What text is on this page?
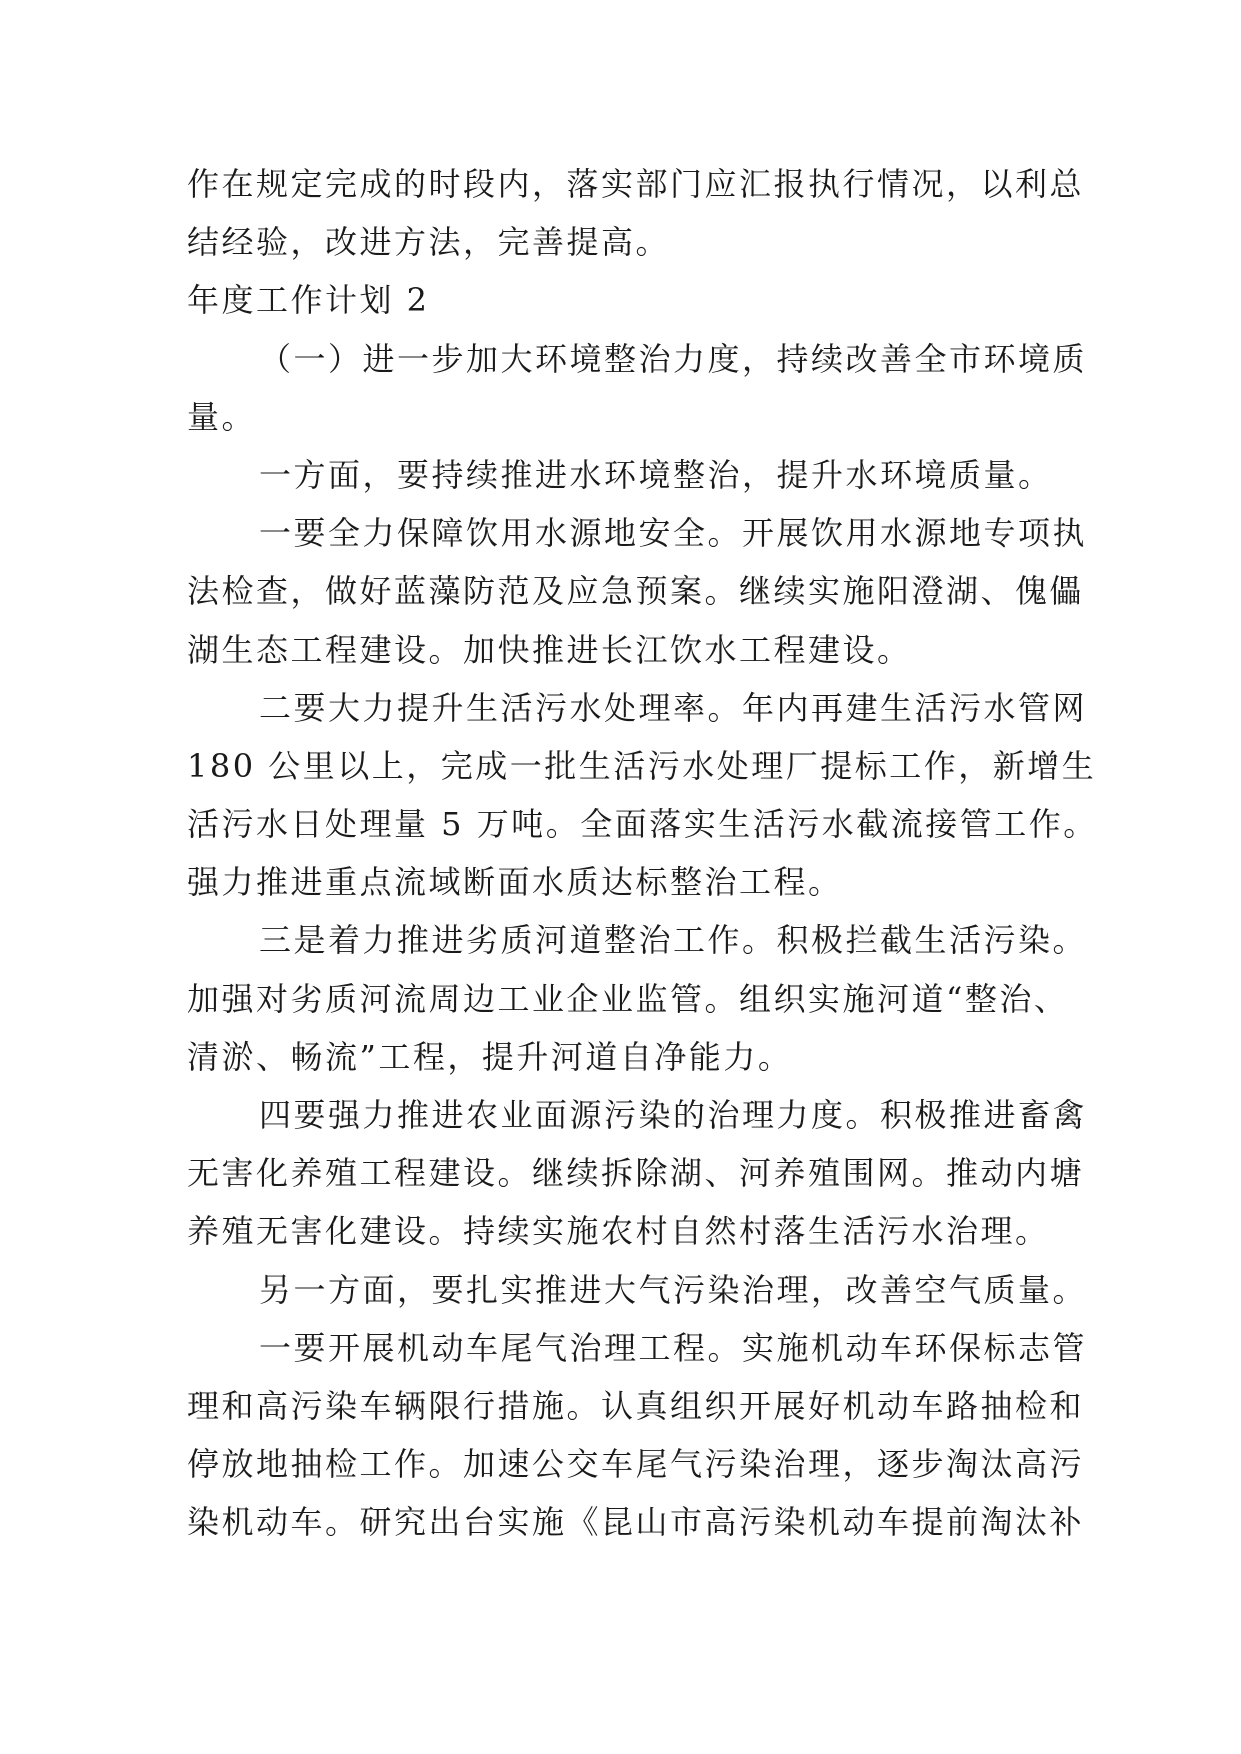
作在规定完成的时段内，落实部门应汇报执行情况，以利总
结经验，改进方法，完善提高。
年度工作计划 2
（一）进一步加大环境整治力度，持续改善全市环境质
量。
一方面，要持续推进水环境整治，提升水环境质量。
一要全力保障饮用水源地安全。开展饮用水源地专项执
法检查，做好蓝藻防范及应急预案。继续实施阳澄湖、傀儡
湖生态工程建设。加快推进长江饮水工程建设。
二要大力提升生活污水处理率。年内再建生活污水管网
180 公里以上，完成一批生活污水处理厂提标工作，新增生
活污水日处理量 5 万吨。全面落实生活污水截流接管工作。
强力推进重点流域断面水质达标整治工程。
三是着力推进劣质河道整治工作。积极拦截生活污染。
加强对劣质河流周边工业企业监管。组织实施河道“整治、
清淤、畅流”工程，提升河道自净能力。
四要强力推进农业面源污染的治理力度。积极推进畜禽
无害化养殖工程建设。继续拆除湖、河养殖围网。推动内塘
养殖无害化建设。持续实施农村自然村落生活污水治理。
另一方面，要扎实推进大气污染治理，改善空气质量。
一要开展机动车尾气治理工程。实施机动车环保标志管
理和高污染车辆限行措施。认真组织开展好机动车路抽检和
停放地抽检工作。加速公交车尾气污染治理，逐步淘汰高污
染机动车。研究出台实施《昆山市高污染机动车提前淘汰补
